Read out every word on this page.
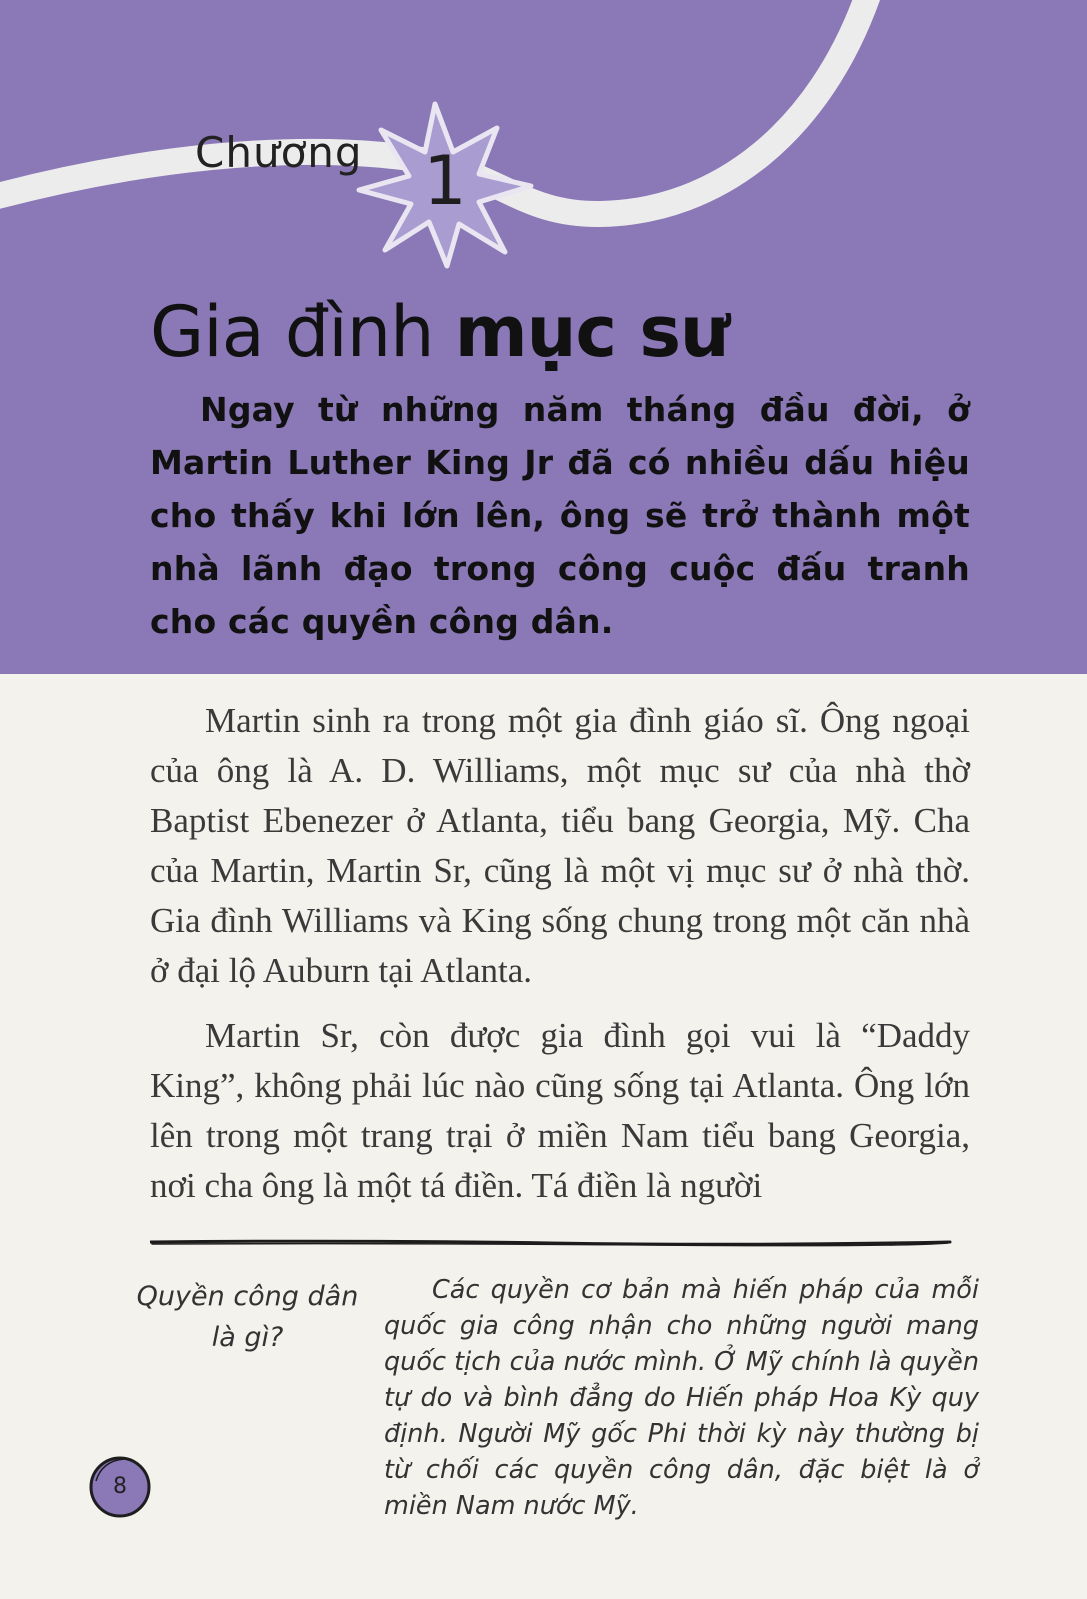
Chương 1
Gia đình mục sư

Ngay từ những năm tháng đầu đời, ở Martin Luther King Jr đã có nhiều dấu hiệu cho thấy khi lớn lên, ông sẽ trở thành một nhà lãnh đạo trong công cuộc đấu tranh cho các quyền công dân.

Martin sinh ra trong một gia đình giáo sĩ. Ông ngoại của ông là A. D. Williams, một mục sư của nhà thờ Baptist Ebenezer ở Atlanta, tiểu bang Georgia, Mỹ. Cha của Martin, Martin Sr, cũng là một vị mục sư ở nhà thờ. Gia đình Williams và King sống chung trong một căn nhà ở đại lộ Auburn tại Atlanta.

Martin Sr, còn được gia đình gọi vui là “Daddy King”, không phải lúc nào cũng sống tại Atlanta. Ông lớn lên trong một trang trại ở miền Nam tiểu bang Georgia, nơi cha ông là một tá điền. Tá điền là người

Quyền công dân là gì?

Các quyền cơ bản mà hiến pháp của mỗi quốc gia công nhận cho những người mang quốc tịch của nước mình. Ở Mỹ chính là quyền tự do và bình đẳng do Hiến pháp Hoa Kỳ quy định. Người Mỹ gốc Phi thời kỳ này thường bị từ chối các quyền công dân, đặc biệt là ở miền Nam nước Mỹ.

8
